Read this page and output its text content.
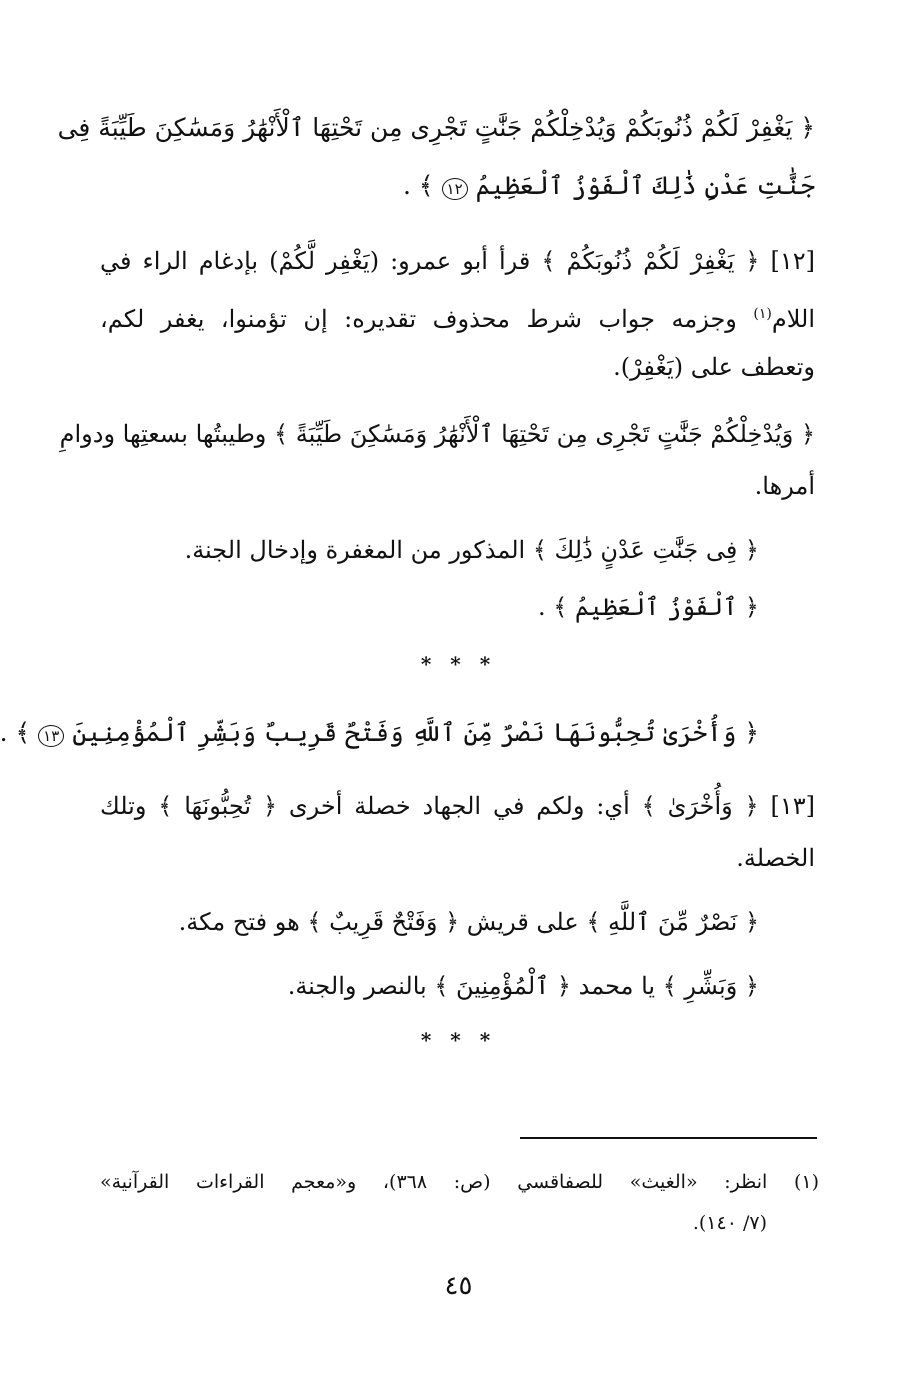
﴿ يَغْفِرْ لَكُمْ ذُنُوبَكُمْ وَيُدْخِلْكُمْ جَنَّٰتٍ تَجْرِى مِن تَحْتِهَا ٱلْأَنْهَٰرُ وَمَسَٰكِنَ طَيِّبَةً فِى
جَنَّٰتِ عَدْنٍ ذَٰلِكَ ٱلْفَوْزُ ٱلْعَظِيمُ ١٢ ﴾ .
[١٢] ﴿ يَغْفِرْ لَكُمْ ذُنُوبَكُمْ ﴾ قرأ أبو عمرو: (يَغْفِر لَّكُمْ) بإدغام الراء في
اللام$^{(١)}$ وجزمه جواب شرط محذوف تقديره: إن تؤمنوا، يغفر لكم،
وتعطف على (يَغْفِرْ).
﴿ وَيُدْخِلْكُمْ جَنَّٰتٍ تَجْرِى مِن تَحْتِهَا ٱلْأَنْهَٰرُ وَمَسَٰكِنَ طَيِّبَةً ﴾ وطيبتُها بسعتِها ودوامِ
أمرها.
﴿ فِى جَنَّٰتِ عَدْنٍ ذَٰلِكَ ﴾ المذكور من المغفرة وإدخال الجنة.
﴿ ٱلْفَوْزُ ٱلْعَظِيمُ ﴾ .
* * *
﴿ وَأُخْرَىٰ تُحِبُّونَهَا نَصْرٌ مِّنَ ٱللَّهِ وَفَتْحٌ قَرِيبٌ وَبَشِّرِ ٱلْمُؤْمِنِينَ ١٣ ﴾ .
[١٣] ﴿ وَأُخْرَىٰ ﴾ أي: ولكم في الجهاد خصلة أخرى ﴿ تُحِبُّونَهَا ﴾ وتلك
الخصلة.
﴿ نَصْرٌ مِّنَ ٱللَّهِ ﴾ على قريش ﴿ وَفَتْحٌ قَرِيبٌ ﴾ هو فتح مكة.
﴿ وَبَشِّرِ ﴾ يا محمد ﴿ ٱلْمُؤْمِنِينَ ﴾ بالنصر والجنة.
* * *
(١) انظر: «الغيث» للصفاقسي (ص: ٣٦٨)، و«معجم القراءات القرآنية»
(٧/ ١٤٠).
٤٥
